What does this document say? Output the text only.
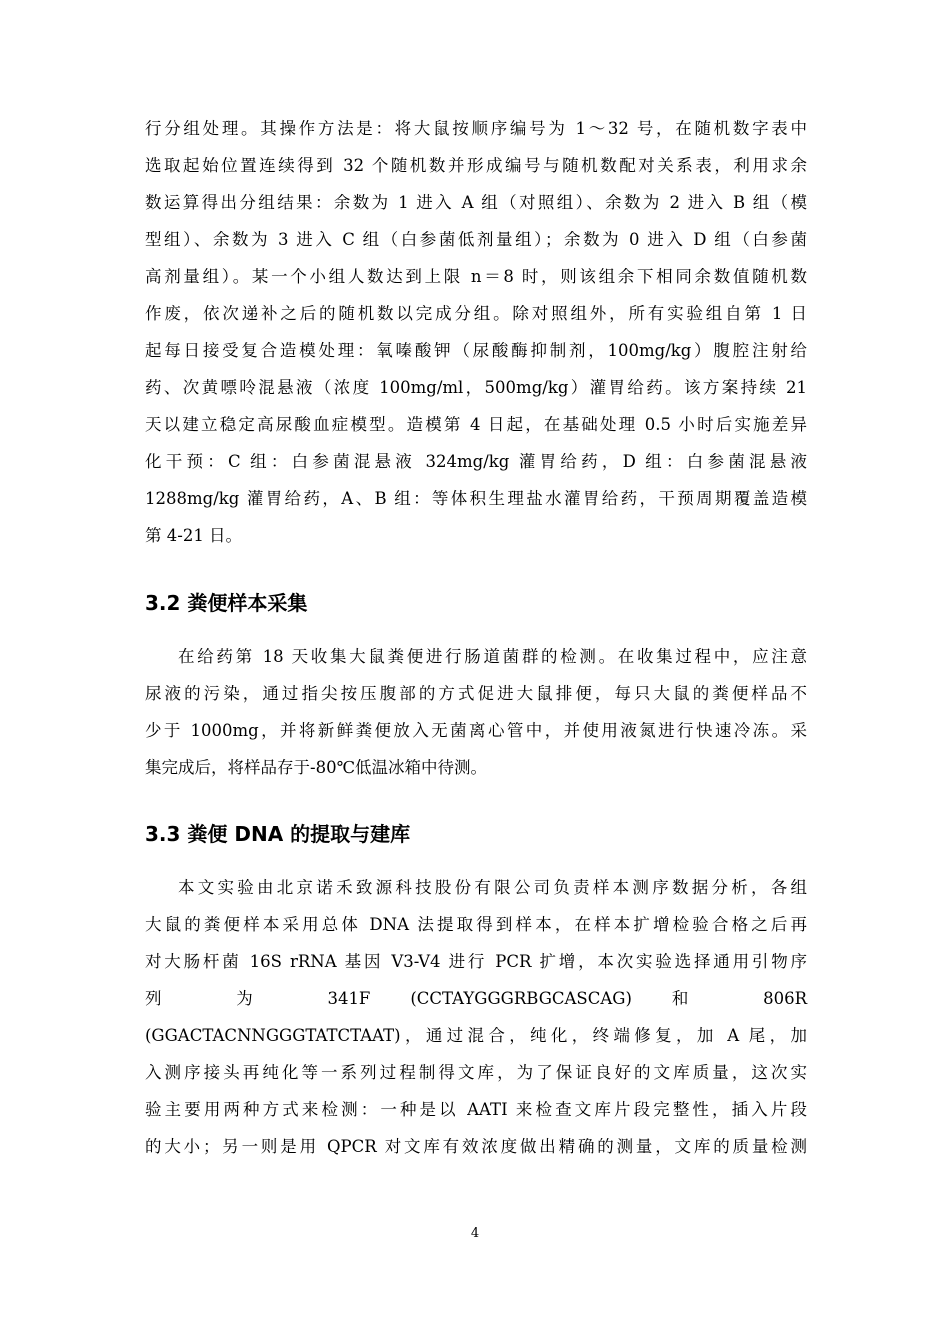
行分组处理。其操作方法是：将大鼠按顺序编号为 1～32 号，在随机数字表中
选取起始位置连续得到 32 个随机数并形成编号与随机数配对关系表，利用求余
数运算得出分组结果：余数为 1 进入 A 组（对照组）、余数为 2 进入 B 组（模
型组）、余数为 3 进入 C 组（白参菌低剂量组）；余数为 0 进入 D 组（白参菌
高剂量组）。某一个小组人数达到上限 n＝8 时，则该组余下相同余数值随机数
作废，依次递补之后的随机数以完成分组。除对照组外，所有实验组自第 1 日
起每日接受复合造模处理：氧嗪酸钾（尿酸酶抑制剂，100mg/kg）腹腔注射给
药、次黄嘌呤混悬液（浓度 100mg/ml，500mg/kg）灌胃给药。该方案持续 21
天以建立稳定高尿酸血症模型。造模第 4 日起，在基础处理 0.5 小时后实施差异
化干预：C 组：白参菌混悬液 324mg/kg 灌胃给药，D 组：白参菌混悬液
1288mg/kg 灌胃给药，A、B 组：等体积生理盐水灌胃给药，干预周期覆盖造模
第 4-21 日。
3.2 粪便样本采集
在给药第 18 天收集大鼠粪便进行肠道菌群的检测。在收集过程中，应注意
尿液的污染，通过指尖按压腹部的方式促进大鼠排便，每只大鼠的粪便样品不
少于 1000mg，并将新鲜粪便放入无菌离心管中，并使用液氮进行快速冷冻。采
集完成后，将样品存于-80℃低温冰箱中待测。
3.3 粪便 DNA 的提取与建库
本文实验由北京诺禾致源科技股份有限公司负责样本测序数据分析，各组
大鼠的粪便样本采用总体 DNA 法提取得到样本，在样本扩增检验合格之后再
对大肠杆菌 16S rRNA 基因 V3-V4 进行 PCR 扩增，本次实验选择通用引物序
列 为 341F (CCTAYGGGRBGCASCAG) 和 806R
(GGACTACNNGGGTATCTAAT)，通过混合，纯化，终端修复，加 A 尾，加
入测序接头再纯化等一系列过程制得文库，为了保证良好的文库质量，这次实
验主要用两种方式来检测：一种是以 AATI 来检查文库片段完整性，插入片段
的大小；另一则是用 QPCR 对文库有效浓度做出精确的测量，文库的质量检测
4
